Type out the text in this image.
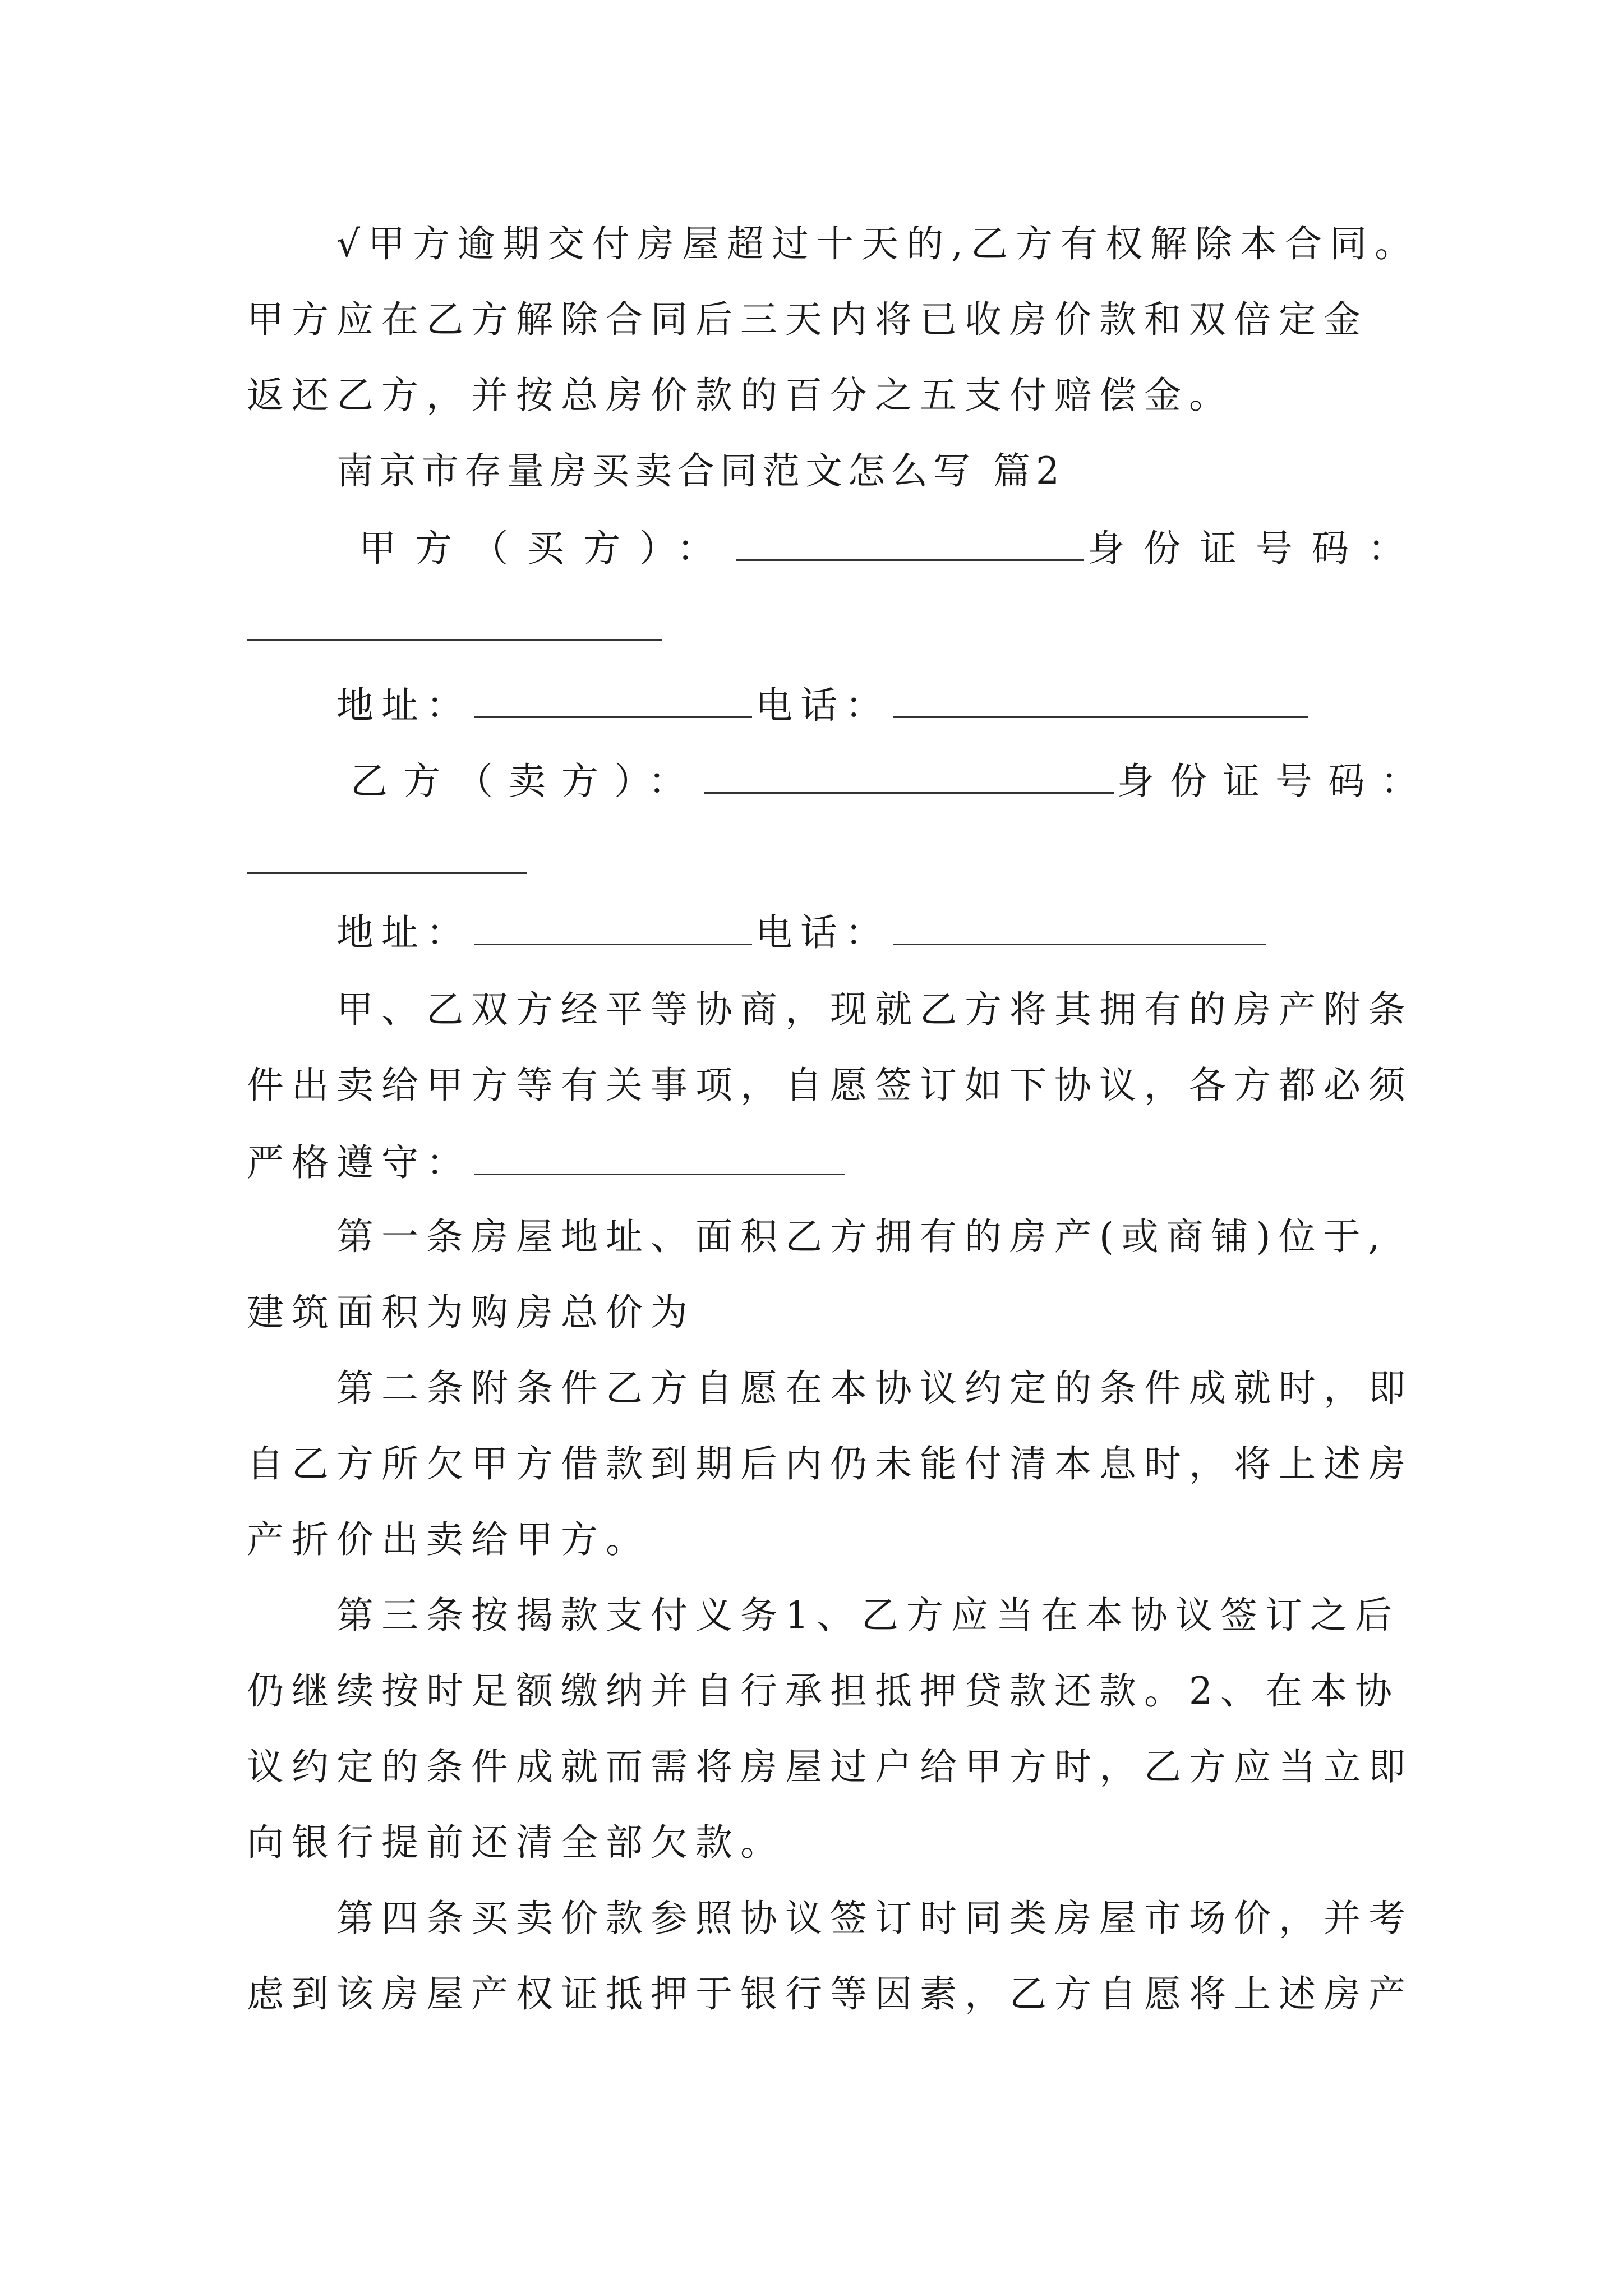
√甲方逾期交付房屋超过十天的,乙方有权解除本合同。
甲方应在乙方解除合同后三天内将已收房价款和双倍定金
返还乙方，并按总房价款的百分之五支付赔偿金。
南京市存量房买卖合同范文怎么写 篇2
甲方（买方）：	身份证号码：
地址：	电话：
乙方（卖方）：	身份证号码：
地址：	电话：
甲、乙双方经平等协商，现就乙方将其拥有的房产附条
件出卖给甲方等有关事项，自愿签订如下协议，各方都必须
严格遵守：
第一条房屋地址、面积乙方拥有的房产(或商铺)位于,
建筑面积为购房总价为
第二条附条件乙方自愿在本协议约定的条件成就时，即
自乙方所欠甲方借款到期后内仍未能付清本息时，将上述房
产折价出卖给甲方。
第三条按揭款支付义务1、乙方应当在本协议签订之后
仍继续按时足额缴纳并自行承担抵押贷款还款。2、在本协
议约定的条件成就而需将房屋过户给甲方时，乙方应当立即
向银行提前还清全部欠款。
第四条买卖价款参照协议签订时同类房屋市场价，并考
虑到该房屋产权证抵押于银行等因素，乙方自愿将上述房产
